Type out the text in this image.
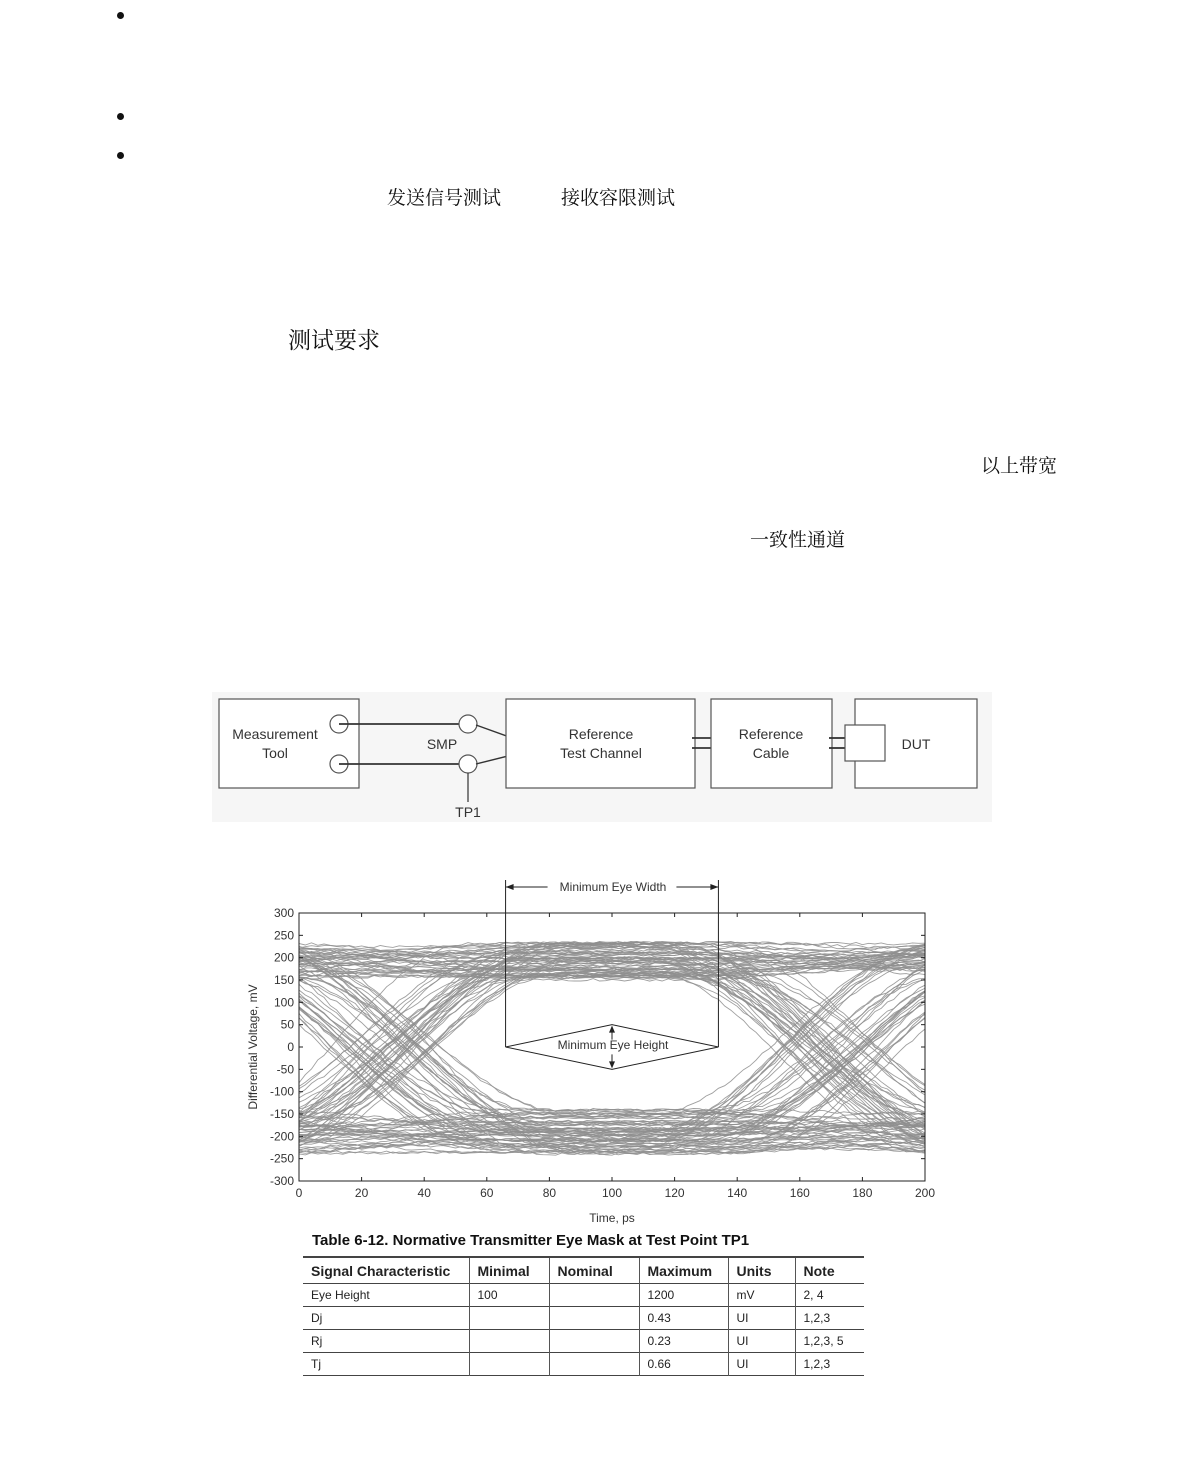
发送信号测试	接收容限测试
测试要求
以上带宽
一致性通道
Measurement
Tool
SMP
TP1
Reference
Test Channel
Reference
Cable
DUT
300
250
200
150
100
50
0
-50
-100
-150
-200
-250
-300
0	20	40	60	80	100	120	140	160	180	200
Differential Voltage, mV
Time, ps
Minimum Eye Width
Minimum Eye Height
Table 6-12. Normative Transmitter Eye Mask at Test Point TP1
Signal Characteristic	Minimal	Nominal	Maximum	Units	Note
Eye Height	100		1200	mV	2, 4
Dj			0.43	UI	1,2,3
Rj			0.23	UI	1,2,3, 5
Tj			0.66	UI	1,2,3
